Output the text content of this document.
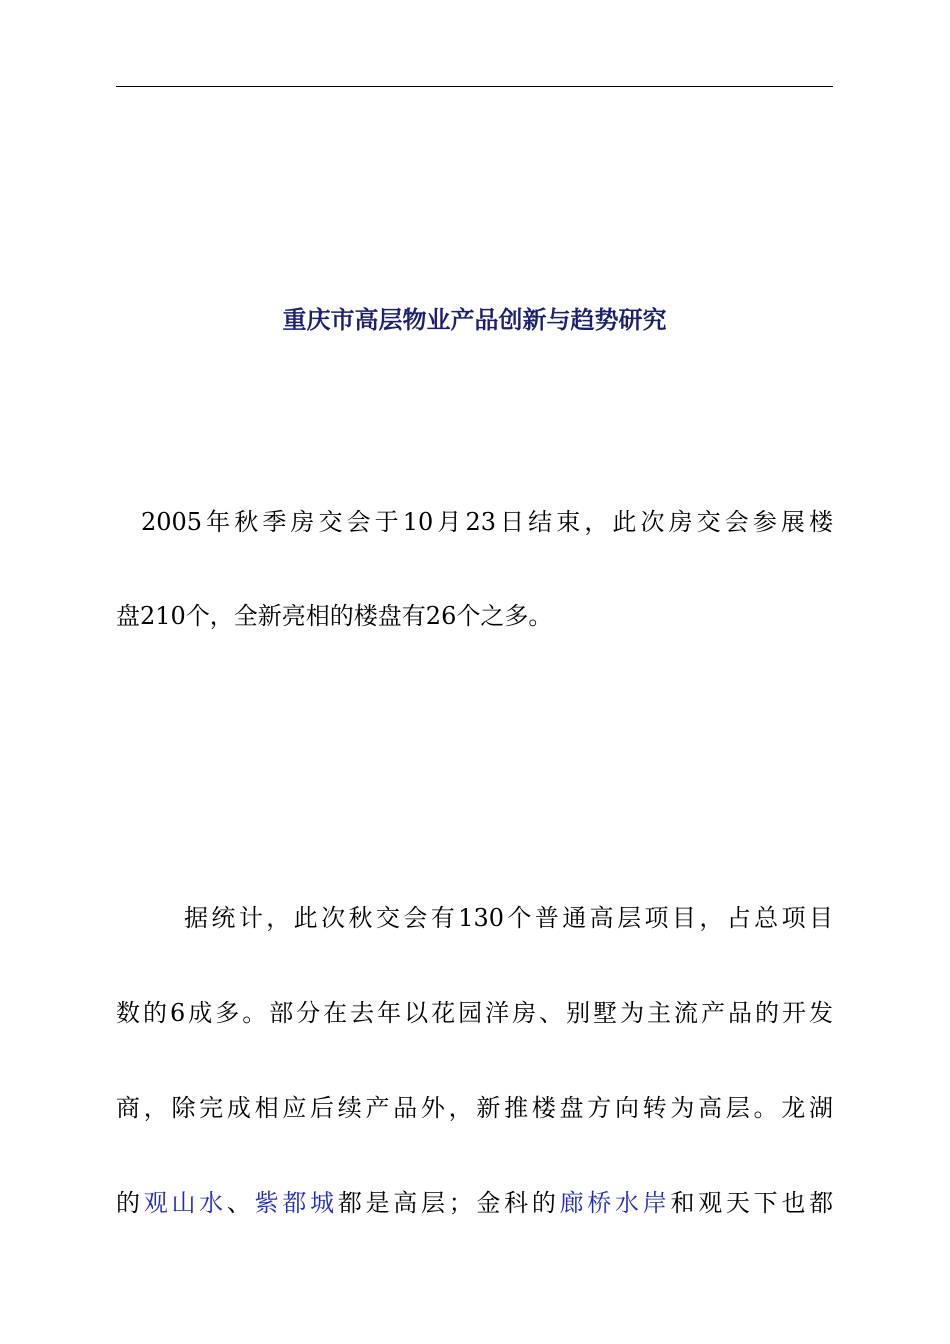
重庆市高层物业产品创新与趋势研究
2005年秋季房交会于10月23日结束，此次房交会参展楼
盘210个，全新亮相的楼盘有26个之多。
据统计，此次秋交会有130个普通高层项目，占总项目
数的6成多。部分在去年以花园洋房、别墅为主流产品的开发
商，除完成相应后续产品外，新推楼盘方向转为高层。龙湖
的观山水、紫都城都是高层；金科的廊桥水岸和观天下也都
